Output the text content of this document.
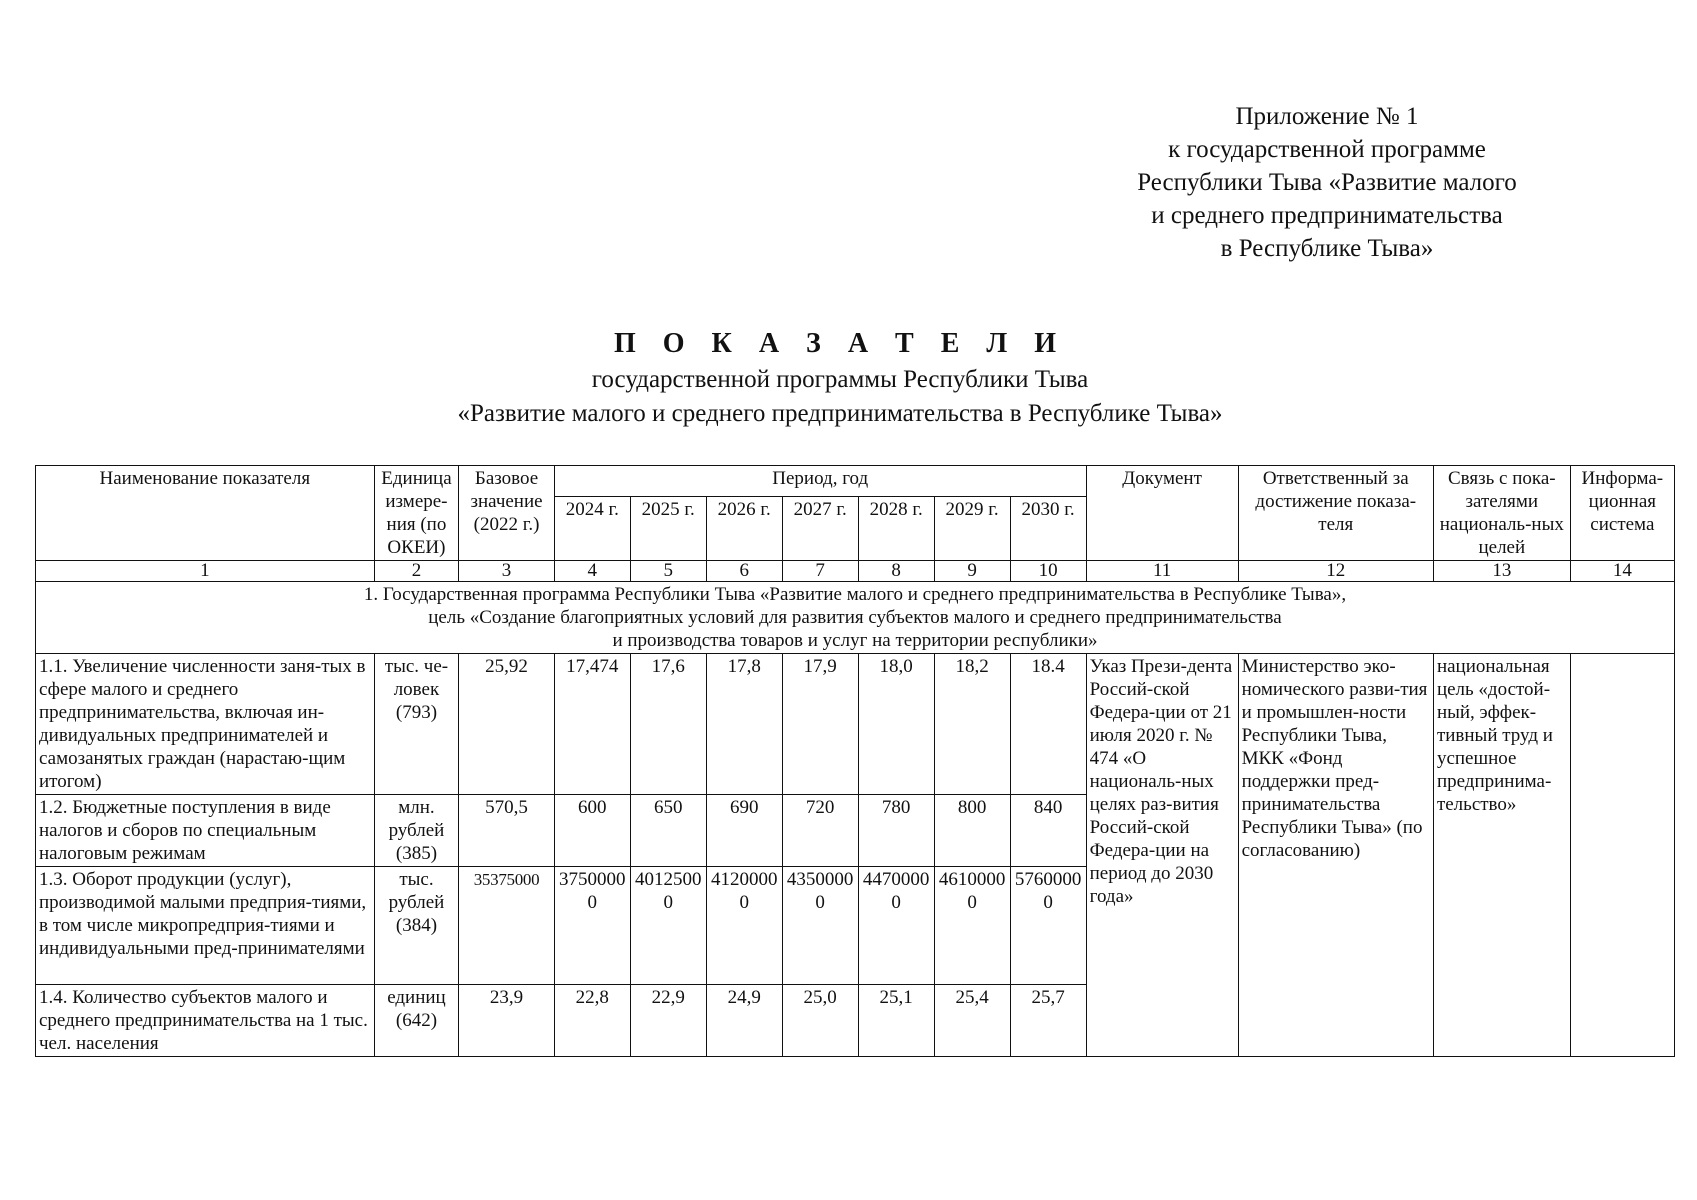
Приложение № 1
к государственной программе
Республики Тыва «Развитие малого
и среднего предпринимательства
в Республике Тыва»
П О К А З А Т Е Л И
государственной программы Республики Тыва
«Развитие малого и среднего предпринимательства в Республике Тыва»
Наименование показателя	Единица измере-ния (по ОКЕИ)	Базовое значение (2022 г.)	Период, год							Документ	Ответственный за достижение показа-теля	Связь с пока-зателями националь-ных целей	Информа-ционная система
			2024 г.	2025 г.	2026 г.	2027 г.	2028 г.	2029 г.	2030 г.				
1	2	3	4	5	6	7	8	9	10	11	12	13	14

1. Государственная программа Республики Тыва «Развитие малого и среднего предпринимательства в Республике Тыва»,
цель «Создание благоприятных условий для развития субъектов малого и среднего предпринимательства
и производства товаров и услуг на территории республики»													

1.1. Увеличение численности заня-тых в сфере малого и среднего предпринимательства, включая ин-дивидуальных предпринимателей и самозанятых граждан (нарастаю-щим итогом)	тыс. че-ловек (793)	25,92	17,474	17,6	17,8	17,9	18,0	18,2	18.4	Указ Прези-дента Россий-ской Федера-ции от 21 июля 2020 г. № 474 «О националь-ных целях раз-вития Россий-ской Федера-ции на период до 2030 года»	Министерство эко-номического разви-тия и промышлен-ности Республики Тыва, МКК «Фонд поддержки пред-принимательства Республики Тыва» (по согласованию)	национальная цель «достой-ный, эффек-тивный труд и успешное предпринима-тельство»	
1.2. Бюджетные поступления в виде налогов и сборов по специальным налоговым режимам	млн. рублей (385)	570,5	600	650	690	720	780	800	840				
1.3. Оборот продукции (услуг), производимой малыми предприя-тиями, в том числе микропредприя-тиями и индивидуальными пред-принимателями	тыс. рублей (384)	35375000	37500000	40125000	41200000	43500000	44700000	46100000	57600000				
1.4. Количество субъектов малого и среднего предпринимательства на 1 тыс. чел. населения	единиц (642)	23,9	22,8	22,9	24,9	25,0	25,1	25,4	25,7				
